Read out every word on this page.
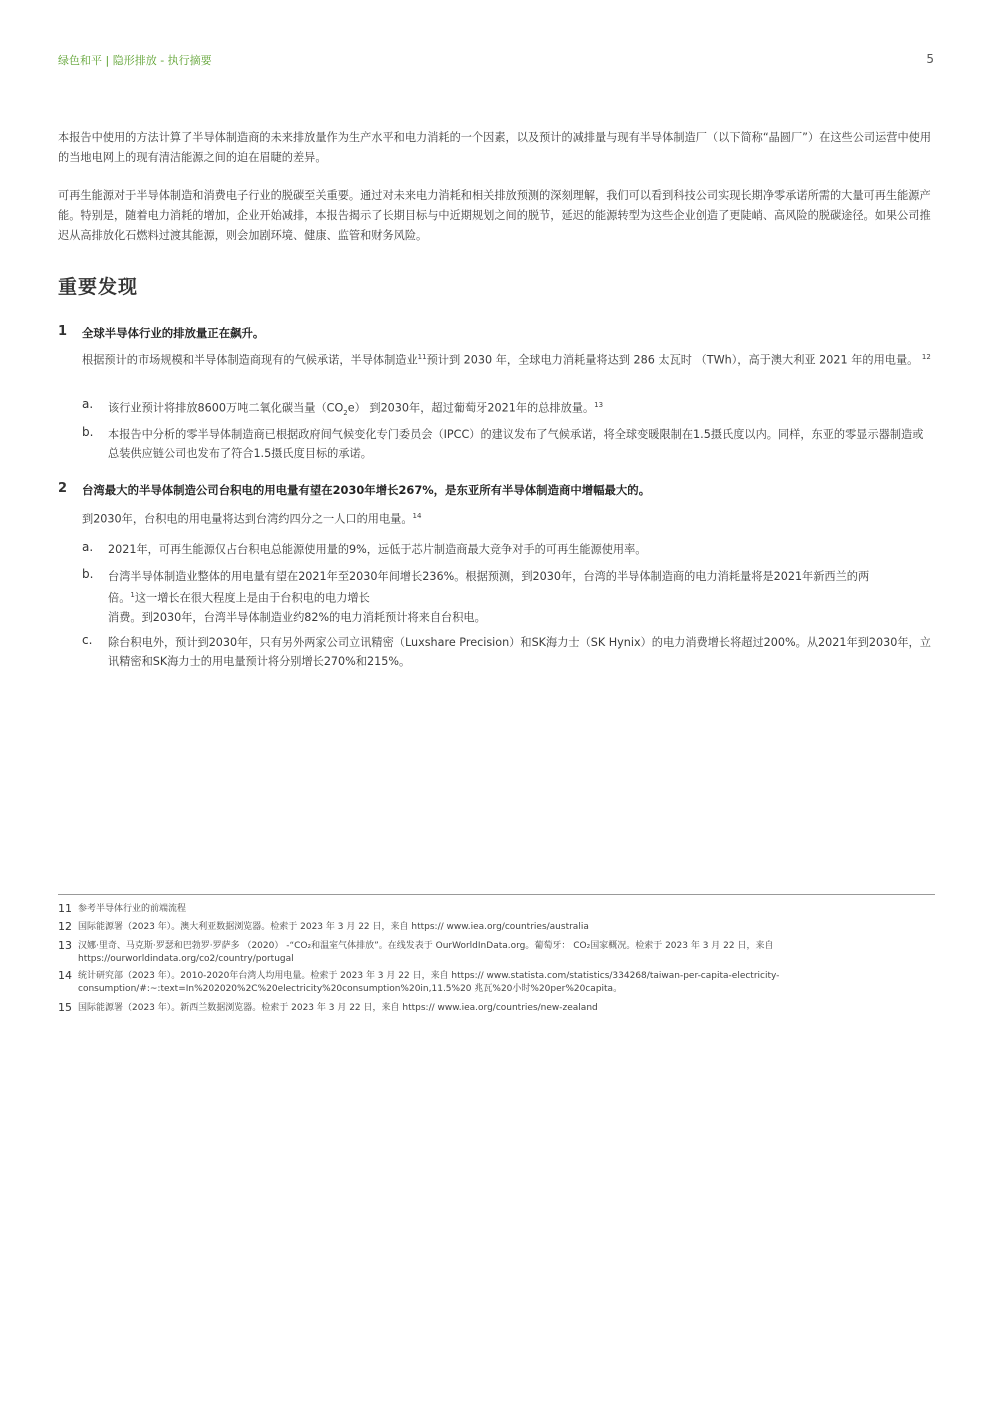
绿色和平 | 隐形排放 - 执行摘要	5
本报告中使用的方法计算了半导体制造商的未来排放量作为生产水平和电力消耗的一个因素，以及预计的减排量与现有半导体制造厂（以下简称“晶圆厂”）在这些公司运营中使用的当地电网上的现有清洁能源之间的迫在眉睫的差异。
可再生能源对于半导体制造和消费电子行业的脱碳至关重要。通过对未来电力消耗和相关排放预测的深刻理解，我们可以看到科技公司实现长期净零承诺所需的大量可再生能源产能。特别是，随着电力消耗的增加，企业开始减排，本报告揭示了长期目标与中近期规划之间的脱节，延迟的能源转型为这些企业创造了更陡峭、高风险的脱碳途径。如果公司推迟从高排放化石燃料过渡其能源，则会加剧环境、健康、监管和财务风险。
重要发现
1 全球半导体行业的排放量正在飙升。
根据预计的市场规模和半导体制造商现有的气候承诺，半导体制造业$^{11}$预计到 2030 年，全球电力消耗量将达到 286 太瓦时 （TWh），高于澳大利亚 2021 年的用电量。 $^{12}$
a. 该行业预计将排放8600万吨二氧化碳当量$(CO_2e)$ 到2030年，超过葡萄牙2021年的总排放量。$^{13}$
b. 本报告中分析的零半导体制造商已根据政府间气候变化专门委员会（IPCC）的建议发布了气候承诺，将全球变暖限制在1.5摄氏度以内。同样，东亚的零显示器制造或总装供应链公司也发布了符合1.5摄氏度目标的承诺。
2 台湾最大的半导体制造公司台积电的用电量有望在2030年增长267%，是东亚所有半导体制造商中增幅最大的。
到2030年，台积电的用电量将达到台湾约四分之一人口的用电量。$^{14}$
a. 2021年，可再生能源仅占台积电总能源使用量的9%，远低于芯片制造商最大竞争对手的可再生能源使用率。
b. 台湾半导体制造业整体的用电量有望在2021年至2030年间增长236%。根据预测，到2030年，台湾的半导体制造商的电力消耗量将是2021年新西兰的两
倍。$^1$这一增长在很大程度上是由于台积电的电力增长
消费。到2030年，台湾半导体制造业约82%的电力消耗预计将来自台积电。
c. 除台积电外，预计到2030年，只有另外两家公司立讯精密（Luxshare Precision）和SK海力士（SK Hynix）的电力消费增长将超过200%。从2021年到2030年，立讯精密和SK海力士的用电量预计将分别增长270%和215%。
11 参考半导体行业的前端流程
12 国际能源署（2023 年）。澳大利亚数据浏览器。检索于 2023 年 3 月 22 日，来自 https:// www.iea.org/countries/australia
13 汉娜·里奇、马克斯·罗瑟和巴勃罗·罗萨多 （2020） -“CO₂和温室气体排放”。在线发表于 OurWorldInData.org。葡萄牙： CO₂国家概况。检索于 2023 年 3 月 22 日，来自 https://ourworldindata.org/co2/country/portugal
14 统计研究部（2023 年）。2010-2020年台湾人均用电量。检索于 2023 年 3 月 22 日，来自 https:// www.statista.com/statistics/334268/taiwan-per-capita-electricity-consumption/#:~:text=In%202020%2C%20electricity%20consumption%20in,11.5%20 兆瓦%20小时%20per%20capita。
15 国际能源署（2023 年）。新西兰数据浏览器。检索于 2023 年 3 月 22 日，来自 https:// www.iea.org/countries/new-zealand
